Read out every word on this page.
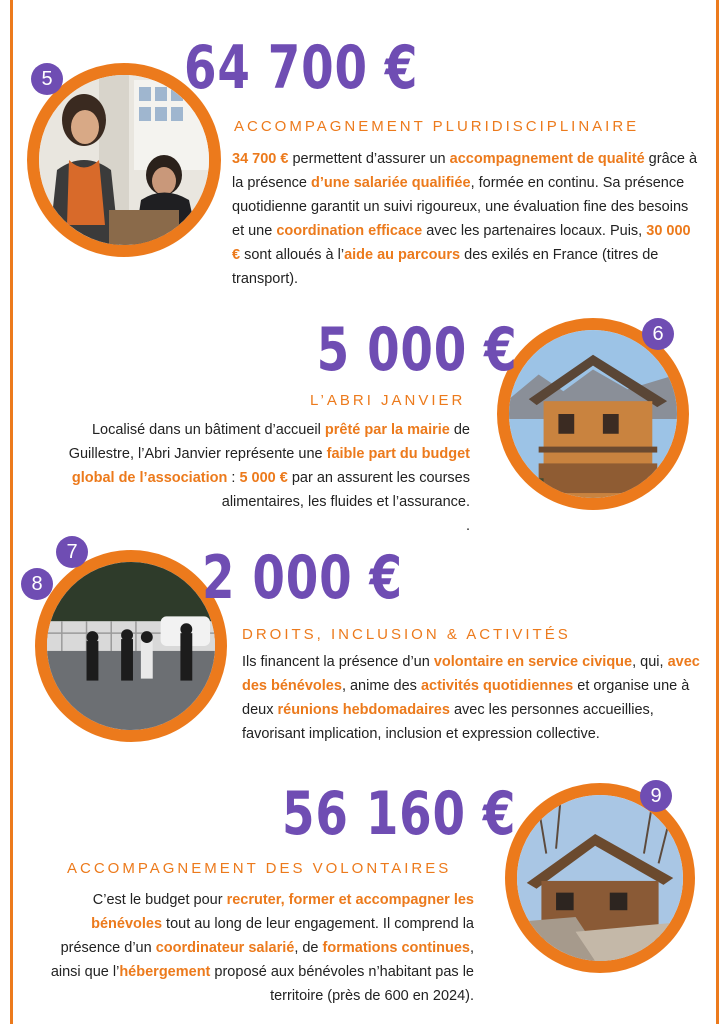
5 64 700 €
ACCOMPAGNEMENT PLURIDISCIPLINAIRE
34 700 € permettent d’assurer un accompagnement de qualité grâce à la présence d’une salariée qualifiée, formée en continu. Sa présence quotidienne garantit un suivi rigoureux, une évaluation fine des besoins et une coordination efficace avec les partenaires locaux. Puis, 30 000 € sont alloués à l’aide au parcours des exilés en France (titres de transport).
6
5 000 €
L’ABRI JANVIER
Localisé dans un bâtiment d’accueil prêté par la mairie de Guillestre, l’Abri Janvier représente une faible part du budget global de l’association : 5 000 € par an assurent les courses alimentaires, les fluides et l’assurance.
.
7
8	2 000 €
DROITS, INCLUSION & ACTIVITÉS
Ils financent la présence d’un volontaire en service civique, qui, avec des bénévoles, anime des activités quotidiennes et organise une à deux réunions hebdomadaires avec les personnes accueillies, favorisant implication, inclusion et expression collective.
9
56 160 €
ACCOMPAGNEMENT DES VOLONTAIRES
C’est le budget pour recruter, former et accompagner les bénévoles tout au long de leur engagement. Il comprend la présence d’un coordinateur salarié, de formations continues, ainsi que l’hébergement proposé aux bénévoles n’habitant pas le territoire (près de 600 en 2024).
